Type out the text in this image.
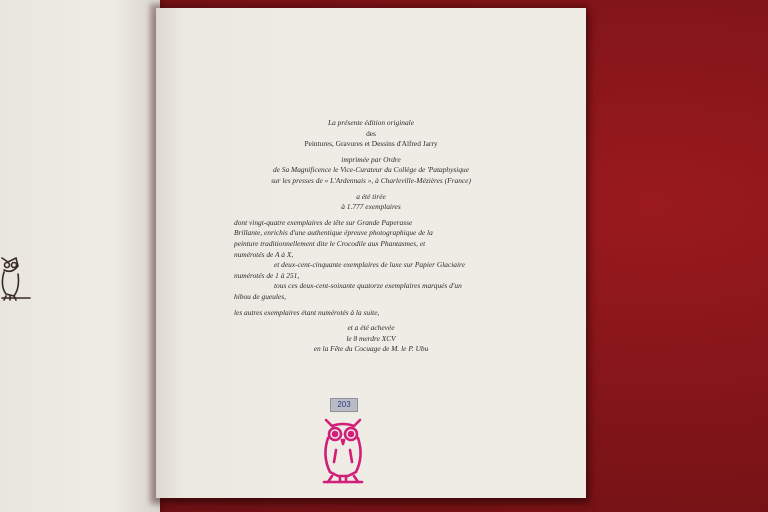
La présente édition originale
des
Peintures, Gravures et Dessins d'Alfred Jarry
imprimée par Ordre
de Sa Magnificence le Vice-Curateur du Collège de 'Pataphysique
sur les presses de « L'Ardennais », à Charleville-Mézières (France)
a été tirée
à 1.777 exemplaires
dont vingt-quatre exemplaires de tête sur Grande Paperasse
Brillante, enrichis d'une authentique épreuve photographique de la
peinture traditionnellement dite le Crocodile aux Phantasmes, et
numérotés de A à X,
et deux-cent-cinquante exemplaires de luxe sur Papier Glaciaire
numérotés de 1 à 251,
tous ces deux-cent-soixante quatorze exemplaires marqués d'un
hibou de gueules,
les autres exemplaires étant numérotés à la suite,
et a été achevée
le 8 merdre XCV
en la Fête du Cocuage de M. le P. Ubu
203
